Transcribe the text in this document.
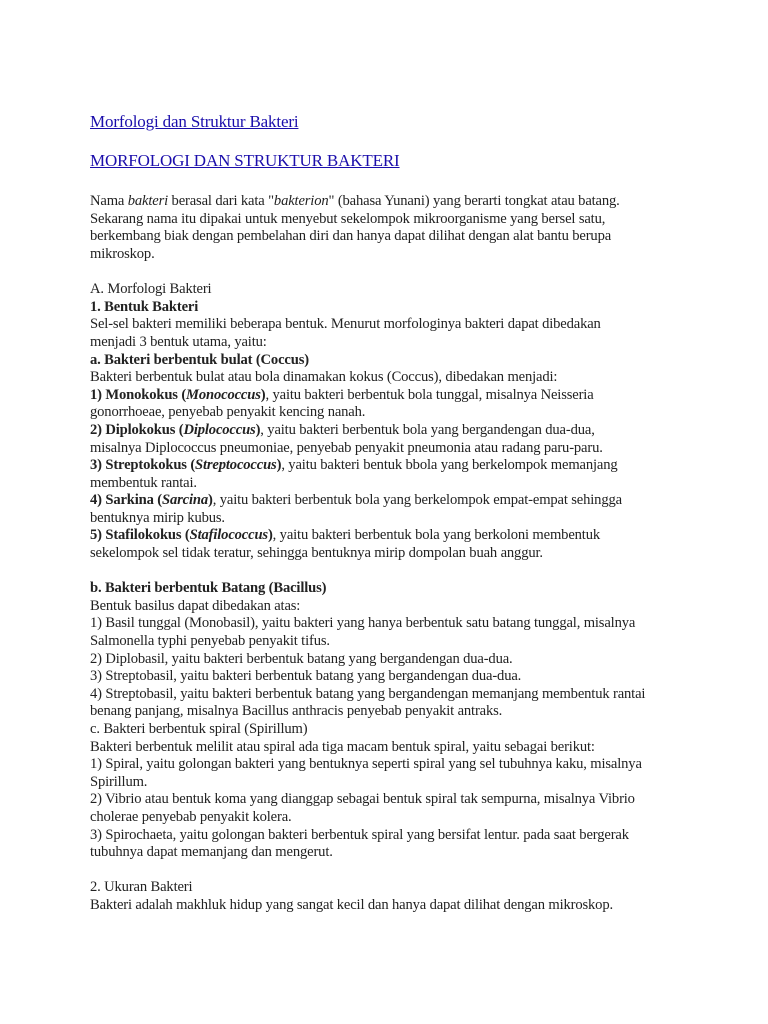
Morfologi dan Struktur Bakteri

MORFOLOGI DAN STRUKTUR BAKTERI

Nama bakteri berasal dari kata "bakterion" (bahasa Yunani) yang berarti tongkat atau batang.
Sekarang nama itu dipakai untuk menyebut sekelompok mikroorganisme yang bersel satu,
berkembang biak dengan pembelahan diri dan hanya dapat dilihat dengan alat bantu berupa
mikroskop.

A. Morfologi Bakteri
1. Bentuk Bakteri
Sel-sel bakteri memiliki beberapa bentuk. Menurut morfologinya bakteri dapat dibedakan
menjadi 3 bentuk utama, yaitu:
a. Bakteri berbentuk bulat (Coccus)
Bakteri berbentuk bulat atau bola dinamakan kokus (Coccus), dibedakan menjadi:
1) Monokokus (Monococcus), yaitu bakteri berbentuk bola tunggal, misalnya Neisseria
gonorrhoeae, penyebab penyakit kencing nanah.
2) Diplokokus (Diplococcus), yaitu bakteri berbentuk bola yang bergandengan dua-dua,
misalnya Diplococcus pneumoniae, penyebab penyakit pneumonia atau radang paru-paru.
3) Streptokokus (Streptococcus), yaitu bakteri bentuk bbola yang berkelompok memanjang
membentuk rantai.
4) Sarkina (Sarcina), yaitu bakteri berbentuk bola yang berkelompok empat-empat sehingga
bentuknya mirip kubus.
5) Stafilokokus (Stafilococcus), yaitu bakteri berbentuk bola yang berkoloni membentuk
sekelompok sel tidak teratur, sehingga bentuknya mirip dompolan buah anggur.

b. Bakteri berbentuk Batang (Bacillus)
Bentuk basilus dapat dibedakan atas:
1) Basil tunggal (Monobasil), yaitu bakteri yang hanya berbentuk satu batang tunggal, misalnya
Salmonella typhi penyebab penyakit tifus.
2) Diplobasil, yaitu bakteri berbentuk batang yang bergandengan dua-dua.
3) Streptobasil, yaitu bakteri berbentuk batang yang bergandengan dua-dua.
4) Streptobasil, yaitu bakteri berbentuk batang yang bergandengan memanjang membentuk rantai
benang panjang, misalnya Bacillus anthracis penyebab penyakit antraks.
c. Bakteri berbentuk spiral (Spirillum)
Bakteri berbentuk melilit atau spiral ada tiga macam bentuk spiral, yaitu sebagai berikut:
1) Spiral, yaitu golongan bakteri yang bentuknya seperti spiral yang sel tubuhnya kaku, misalnya
Spirillum.
2) Vibrio atau bentuk koma yang dianggap sebagai bentuk spiral tak sempurna, misalnya Vibrio
cholerae penyebab penyakit kolera.
3) Spirochaeta, yaitu golongan bakteri berbentuk spiral yang bersifat lentur. pada saat bergerak
tubuhnya dapat memanjang dan mengerut.

2. Ukuran Bakteri
Bakteri adalah makhluk hidup yang sangat kecil dan hanya dapat dilihat dengan mikroskop.
